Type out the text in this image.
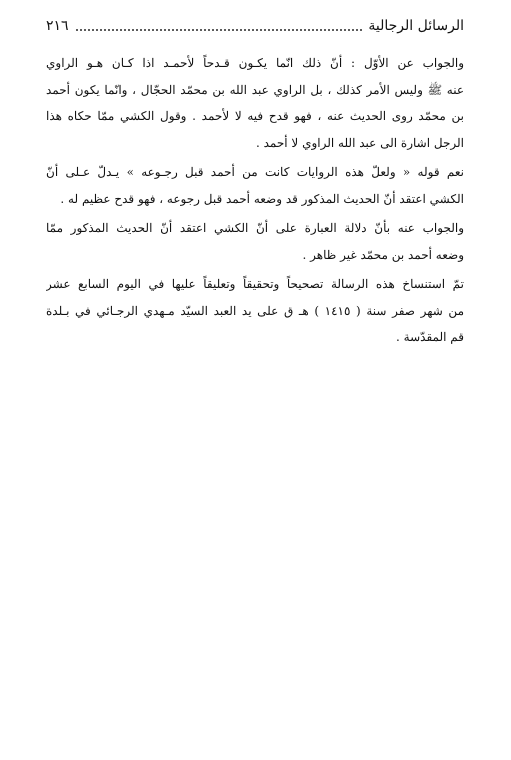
الرسائل الرجالية
٢١٦
والجواب عن الأوّل : أنّ ذلك انّما يكـون قـدحاً لأحمـد اذا كـان هـو الراوي
عنه ﷺ وليس الأمر كذلك ، بل الراوي عبد الله بن محمّد الحجّال ، وانّما يكون أحمد
بن محمّد روى الحديث عنه ، فهو قدح فيه لا لأحمد . وقول الكشي ممّا حكاه هذا
الرجل اشارة الى عبد الله الراوي لا أحمد .
نعم قوله « ولعلّ هذه الروايات كانت من أحمد قبل رجـوعه » يـدلّ عـلى أنّ
الكشي اعتقد أنّ الحديث المذكور قد وضعه أحمد قبل رجوعه ، فهو قدح عظيم له .
والجواب عنه بأنّ دلالة العبارة على أنّ الكشي اعتقد أنّ الحديث المذكور ممّا
وضعه أحمد بن محمّد غير ظاهر .
تمّ استنساخ هذه الرسالة تصحيحاً وتحقيقاً وتعليقاً عليها في اليوم السابع عشر
من شهر صفر سنة ( ١٤١٥ ) هـ ق على يد العبد السيّد مـهدي الرجـائي في بـلدة
قم المقدّسة .
